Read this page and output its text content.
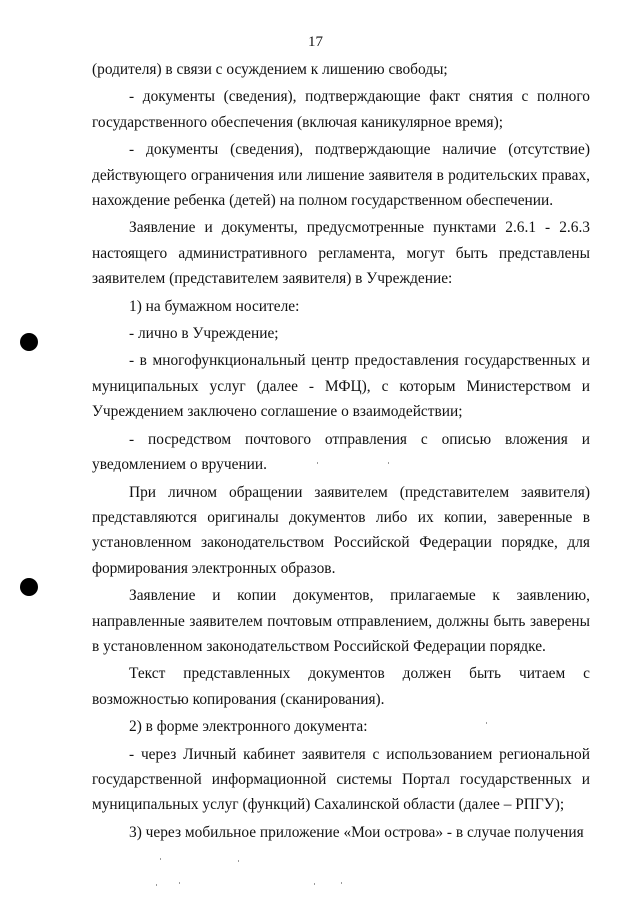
17

(родителя) в связи с осуждением к лишению свободы;

- документы (сведения), подтверждающие факт снятия с полного государственного обеспечения (включая каникулярное время);

- документы (сведения), подтверждающие наличие (отсутствие) действующего ограничения или лишение заявителя в родительских правах, нахождение ребенка (детей) на полном государственном обеспечении.

Заявление и документы, предусмотренные пунктами 2.6.1 - 2.6.3 настоящего административного регламента, могут быть представлены заявителем (представителем заявителя) в Учреждение:

1) на бумажном носителе:

- лично в Учреждение;

- в многофункциональный центр предоставления государственных и муниципальных услуг (далее - МФЦ), с которым Министерством и Учреждением заключено соглашение о взаимодействии;

- посредством почтового отправления с описью вложения и уведомлением о вручении.

При личном обращении заявителем (представителем заявителя) представляются оригиналы документов либо их копии, заверенные в установленном законодательством Российской Федерации порядке, для формирования электронных образов.

Заявление и копии документов, прилагаемые к заявлению, направленные заявителем почтовым отправлением, должны быть заверены в установленном законодательством Российской Федерации порядке.

Текст представленных документов должен быть читаем с возможностью копирования (сканирования).

2) в форме электронного документа:

- через Личный кабинет заявителя с использованием региональной государственной информационной системы Портал государственных и муниципальных услуг (функций) Сахалинской области (далее – РПГУ);

3) через мобильное приложение «Мои острова» - в случае получения
